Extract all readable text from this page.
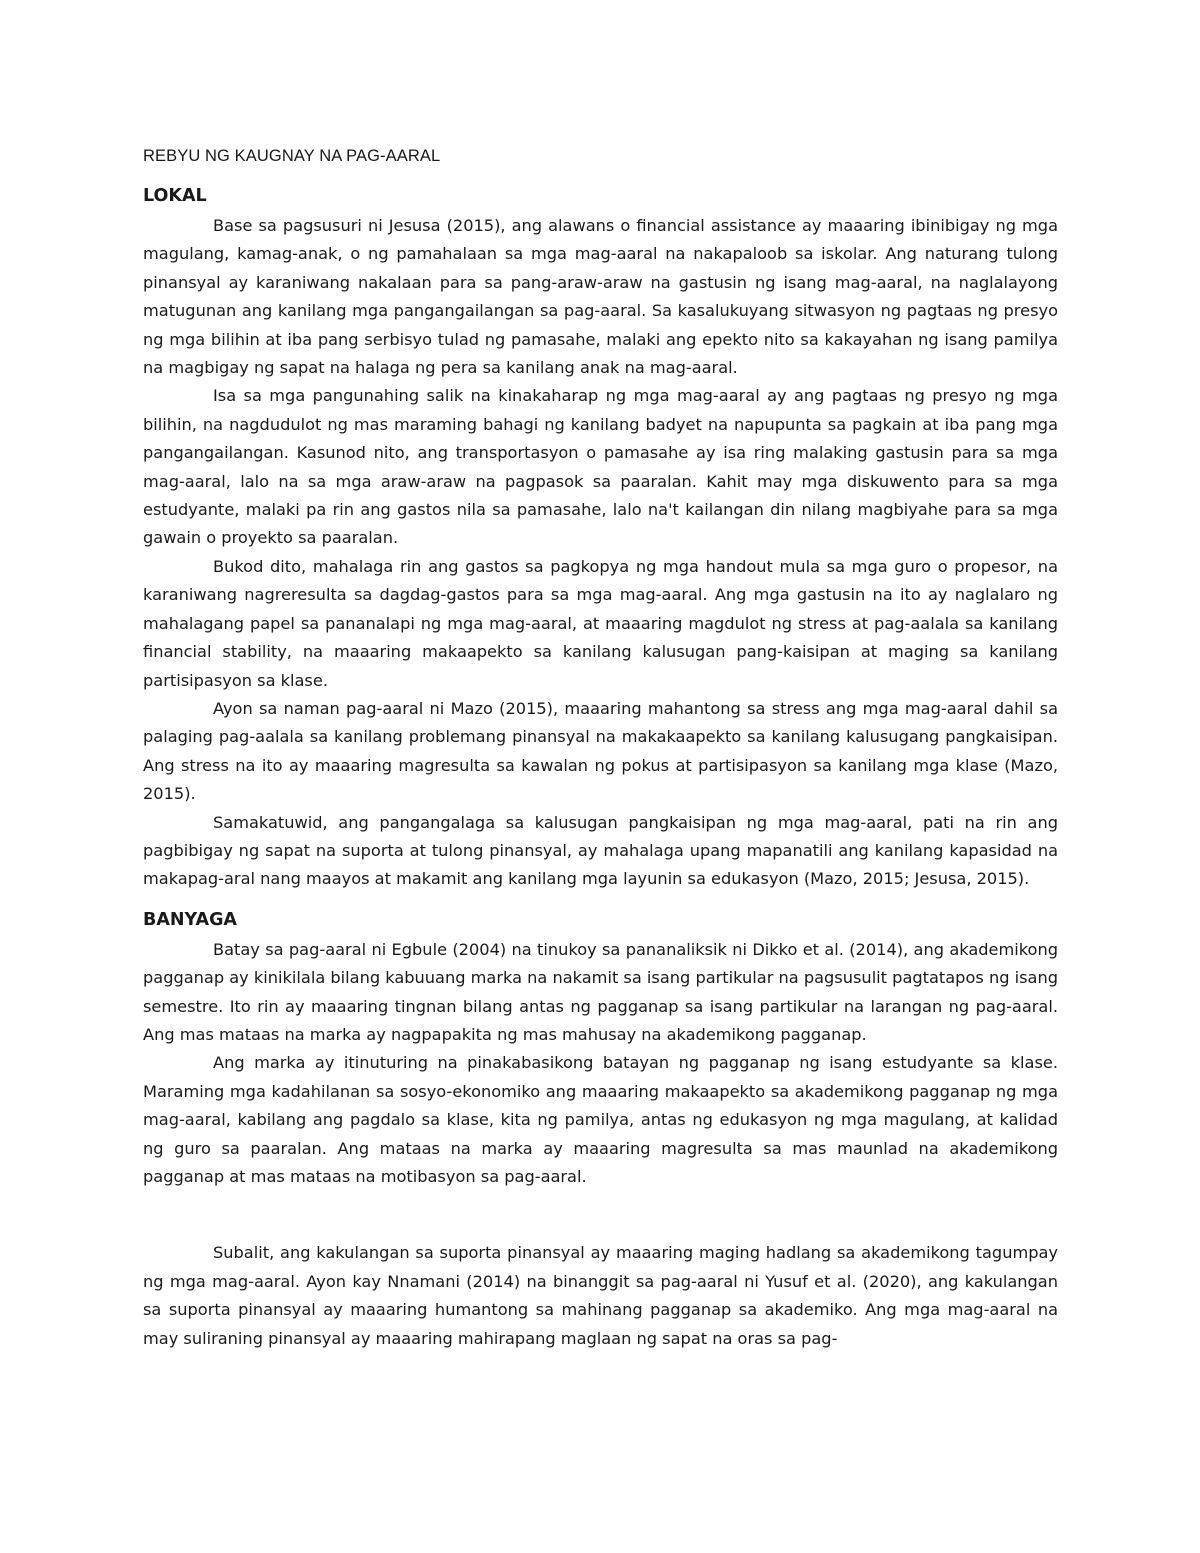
REBYU NG KAUGNAY NA PAG-AARAL
LOKAL

Base sa pagsusuri ni Jesusa (2015), ang alawans o financial assistance ay maaaring ibinibigay ng mga magulang, kamag-anak, o ng pamahalaan sa mga mag-aaral na nakapaloob sa iskolar. Ang naturang tulong pinansyal ay karaniwang nakalaan para sa pang-araw-araw na gastusin ng isang mag-aaral, na naglalayong matugunan ang kanilang mga pangangailangan sa pag-aaral. Sa kasalukuyang sitwasyon ng pagtaas ng presyo ng mga bilihin at iba pang serbisyo tulad ng pamasahe, malaki ang epekto nito sa kakayahan ng isang pamilya na magbigay ng sapat na halaga ng pera sa kanilang anak na mag-aaral.

Isa sa mga pangunahing salik na kinakaharap ng mga mag-aaral ay ang pagtaas ng presyo ng mga bilihin, na nagdudulot ng mas maraming bahagi ng kanilang badyet na napupunta sa pagkain at iba pang mga pangangailangan. Kasunod nito, ang transportasyon o pamasahe ay isa ring malaking gastusin para sa mga mag-aaral, lalo na sa mga araw-araw na pagpasok sa paaralan. Kahit may mga diskuwento para sa mga estudyante, malaki pa rin ang gastos nila sa pamasahe, lalo na't kailangan din nilang magbiyahe para sa mga gawain o proyekto sa paaralan.

Bukod dito, mahalaga rin ang gastos sa pagkopya ng mga handout mula sa mga guro o propesor, na karaniwang nagreresulta sa dagdag-gastos para sa mga mag-aaral. Ang mga gastusin na ito ay naglalaro ng mahalagang papel sa pananalapi ng mga mag-aaral, at maaaring magdulot ng stress at pag-aalala sa kanilang financial stability, na maaaring makaapekto sa kanilang kalusugan pang-kaisipan at maging sa kanilang partisipasyon sa klase.

Ayon sa naman pag-aaral ni Mazo (2015), maaaring mahantong sa stress ang mga mag-aaral dahil sa palaging pag-aalala sa kanilang problemang pinansyal na makakaapekto sa kanilang kalusugang pangkaisipan. Ang stress na ito ay maaaring magresulta sa kawalan ng pokus at partisipasyon sa kanilang mga klase (Mazo, 2015).

Samakatuwid, ang pangangalaga sa kalusugan pangkaisipan ng mga mag-aaral, pati na rin ang pagbibigay ng sapat na suporta at tulong pinansyal, ay mahalaga upang mapanatili ang kanilang kapasidad na makapag-aral nang maayos at makamit ang kanilang mga layunin sa edukasyon (Mazo, 2015; Jesusa, 2015).

BANYAGA

Batay sa pag-aaral ni Egbule (2004) na tinukoy sa pananaliksik ni Dikko et al. (2014), ang akademikong pagganap ay kinikilala bilang kabuuang marka na nakamit sa isang partikular na pagsusulit pagtatapos ng isang semestre. Ito rin ay maaaring tingnan bilang antas ng pagganap sa isang partikular na larangan ng pag-aaral. Ang mas mataas na marka ay nagpapakita ng mas mahusay na akademikong pagganap.

Ang marka ay itinuturing na pinakabasikong batayan ng pagganap ng isang estudyante sa klase. Maraming mga kadahilanan sa sosyo-ekonomiko ang maaaring makaapekto sa akademikong pagganap ng mga mag-aaral, kabilang ang pagdalo sa klase, kita ng pamilya, antas ng edukasyon ng mga magulang, at kalidad ng guro sa paaralan. Ang mataas na marka ay maaaring magresulta sa mas maunlad na akademikong pagganap at mas mataas na motibasyon sa pag-aaral.

Subalit, ang kakulangan sa suporta pinansyal ay maaaring maging hadlang sa akademikong tagumpay ng mga mag-aaral. Ayon kay Nnamani (2014) na binanggit sa pag-aaral ni Yusuf et al. (2020), ang kakulangan sa suporta pinansyal ay maaaring humantong sa mahinang pagganap sa akademiko. Ang mga mag-aaral na may suliraning pinansyal ay maaaring mahirapang maglaan ng sapat na oras sa pag-
